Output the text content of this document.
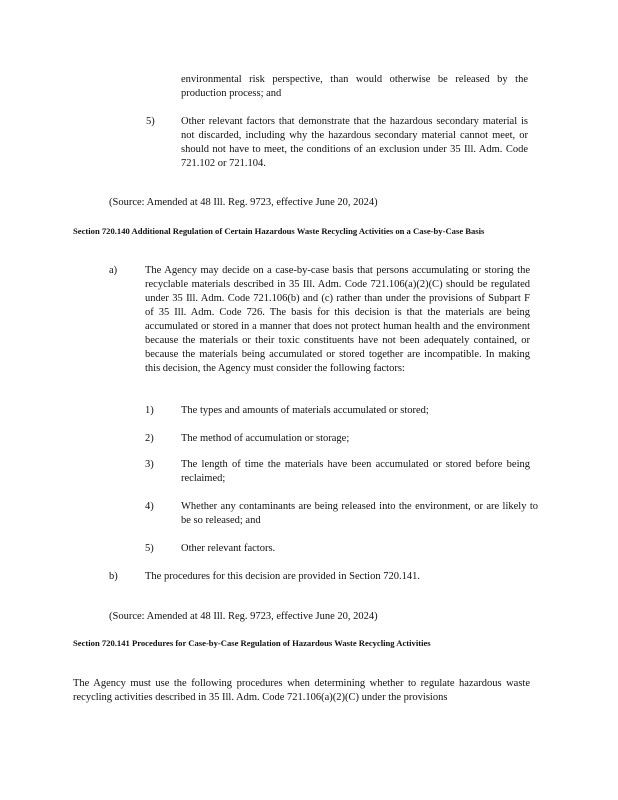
environmental risk perspective, than would otherwise be released by the production process; and

5)	Other relevant factors that demonstrate that the hazardous secondary material is not discarded, including why the hazardous secondary material cannot meet, or should not have to meet, the conditions of an exclusion under 35 Ill. Adm. Code 721.102 or 721.104.

(Source: Amended at 48 Ill. Reg. 9723, effective June 20, 2024)

Section 720.140 Additional Regulation of Certain Hazardous Waste Recycling Activities on a Case-by-Case Basis

a)	The Agency may decide on a case-by-case basis that persons accumulating or storing the recyclable materials described in 35 Ill. Adm. Code 721.106(a)(2)(C) should be regulated under 35 Ill. Adm. Code 721.106(b) and (c) rather than under the provisions of Subpart F of 35 Ill. Adm. Code 726. The basis for this decision is that the materials are being accumulated or stored in a manner that does not protect human health and the environment because the materials or their toxic constituents have not been adequately contained, or because the materials being accumulated or stored together are incompatible. In making this decision, the Agency must consider the following factors:

1)	The types and amounts of materials accumulated or stored;

2)	The method of accumulation or storage;

3)	The length of time the materials have been accumulated or stored before being reclaimed;

4)	Whether any contaminants are being released into the environment, or are likely to be so released; and

5)	Other relevant factors.

b)	The procedures for this decision are provided in Section 720.141.

(Source: Amended at 48 Ill. Reg. 9723, effective June 20, 2024)

Section 720.141 Procedures for Case-by-Case Regulation of Hazardous Waste Recycling Activities

The Agency must use the following procedures when determining whether to regulate hazardous waste recycling activities described in 35 Ill. Adm. Code 721.106(a)(2)(C) under the provisions
